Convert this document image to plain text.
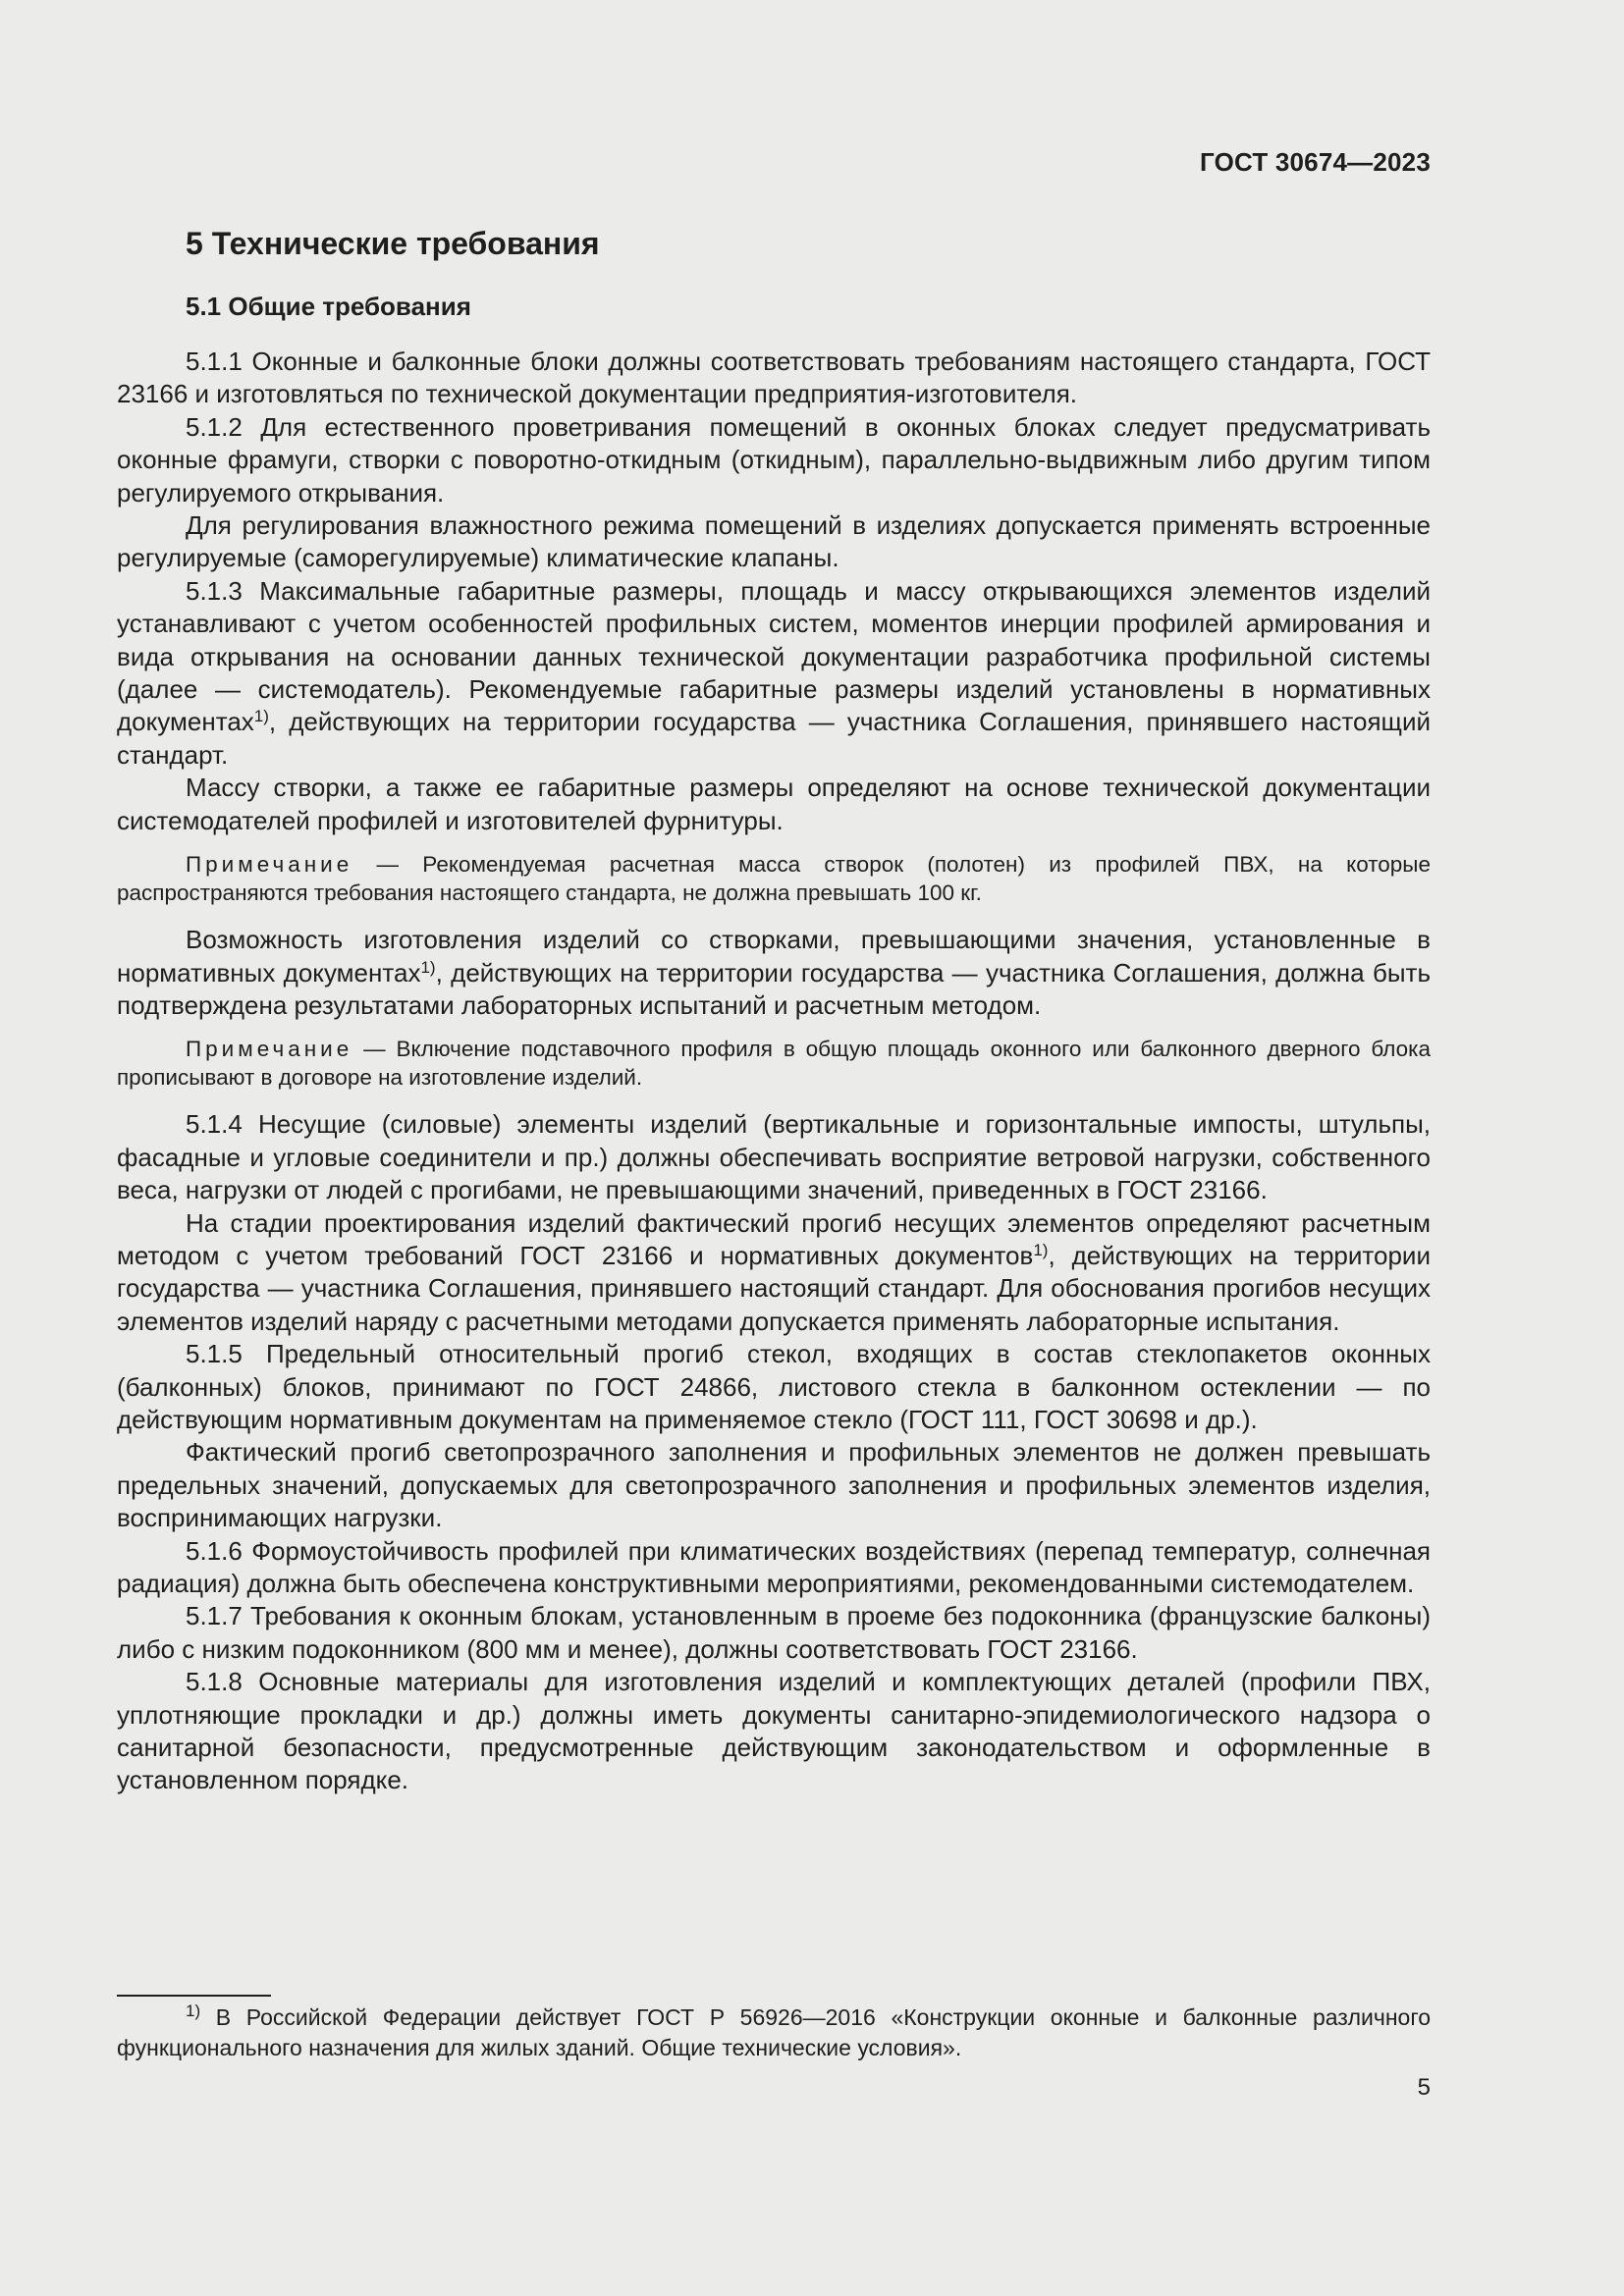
ГОСТ 30674—2023
5 Технические требования
5.1 Общие требования

5.1.1 Оконные и балконные блоки должны соответствовать требованиям настоящего стандарта, ГОСТ 23166 и изготовляться по технической документации предприятия-изготовителя.

5.1.2 Для естественного проветривания помещений в оконных блоках следует предусматривать оконные фрамуги, створки с поворотно-откидным (откидным), параллельно-выдвижным либо другим типом регулируемого открывания.

Для регулирования влажностного режима помещений в изделиях допускается применять встроенные регулируемые (саморегулируемые) климатические клапаны.

5.1.3 Максимальные габаритные размеры, площадь и массу открывающихся элементов изделий устанавливают с учетом особенностей профильных систем, моментов инерции профилей армирования и вида открывания на основании данных технической документации разработчика профильной системы (далее — системодатель). Рекомендуемые габаритные размеры изделий установлены в нормативных документах$^{1)}$, действующих на территории государства — участника Соглашения, принявшего настоящий стандарт.

Массу створки, а также ее габаритные размеры определяют на основе технической документации системодателей профилей и изготовителей фурнитуры.

Примечание — Рекомендуемая расчетная масса створок (полотен) из профилей ПВХ, на которые распространяются требования настоящего стандарта, не должна превышать 100 кг.

Возможность изготовления изделий со створками, превышающими значения, установленные в нормативных документах$^{1)}$, действующих на территории государства — участника Соглашения, должна быть подтверждена результатами лабораторных испытаний и расчетным методом.

Примечание — Включение подставочного профиля в общую площадь оконного или балконного дверного блока прописывают в договоре на изготовление изделий.

5.1.4 Несущие (силовые) элементы изделий (вертикальные и горизонтальные импосты, штульпы, фасадные и угловые соединители и пр.) должны обеспечивать восприятие ветровой нагрузки, собственного веса, нагрузки от людей с прогибами, не превышающими значений, приведенных в ГОСТ 23166.

На стадии проектирования изделий фактический прогиб несущих элементов определяют расчетным методом с учетом требований ГОСТ 23166 и нормативных документов$^{1)}$, действующих на территории государства — участника Соглашения, принявшего настоящий стандарт. Для обоснования прогибов несущих элементов изделий наряду с расчетными методами допускается применять лабораторные испытания.

5.1.5 Предельный относительный прогиб стекол, входящих в состав стеклопакетов оконных (балконных) блоков, принимают по ГОСТ 24866, листового стекла в балконном остеклении — по действующим нормативным документам на применяемое стекло (ГОСТ 111, ГОСТ 30698 и др.).

Фактический прогиб светопрозрачного заполнения и профильных элементов не должен превышать предельных значений, допускаемых для светопрозрачного заполнения и профильных элементов изделия, воспринимающих нагрузки.

5.1.6 Формоустойчивость профилей при климатических воздействиях (перепад температур, солнечная радиация) должна быть обеспечена конструктивными мероприятиями, рекомендованными системодателем.

5.1.7 Требования к оконным блокам, установленным в проеме без подоконника (французские балконы) либо с низким подоконником (800 мм и менее), должны соответствовать ГОСТ 23166.

5.1.8 Основные материалы для изготовления изделий и комплектующих деталей (профили ПВХ, уплотняющие прокладки и др.) должны иметь документы санитарно-эпидемиологического надзора о санитарной безопасности, предусмотренные действующим законодательством и оформленные в установленном порядке.

$^{1)}$ В Российской Федерации действует ГОСТ Р 56926—2016 «Конструкции оконные и балконные различного функционального назначения для жилых зданий. Общие технические условия».

5
